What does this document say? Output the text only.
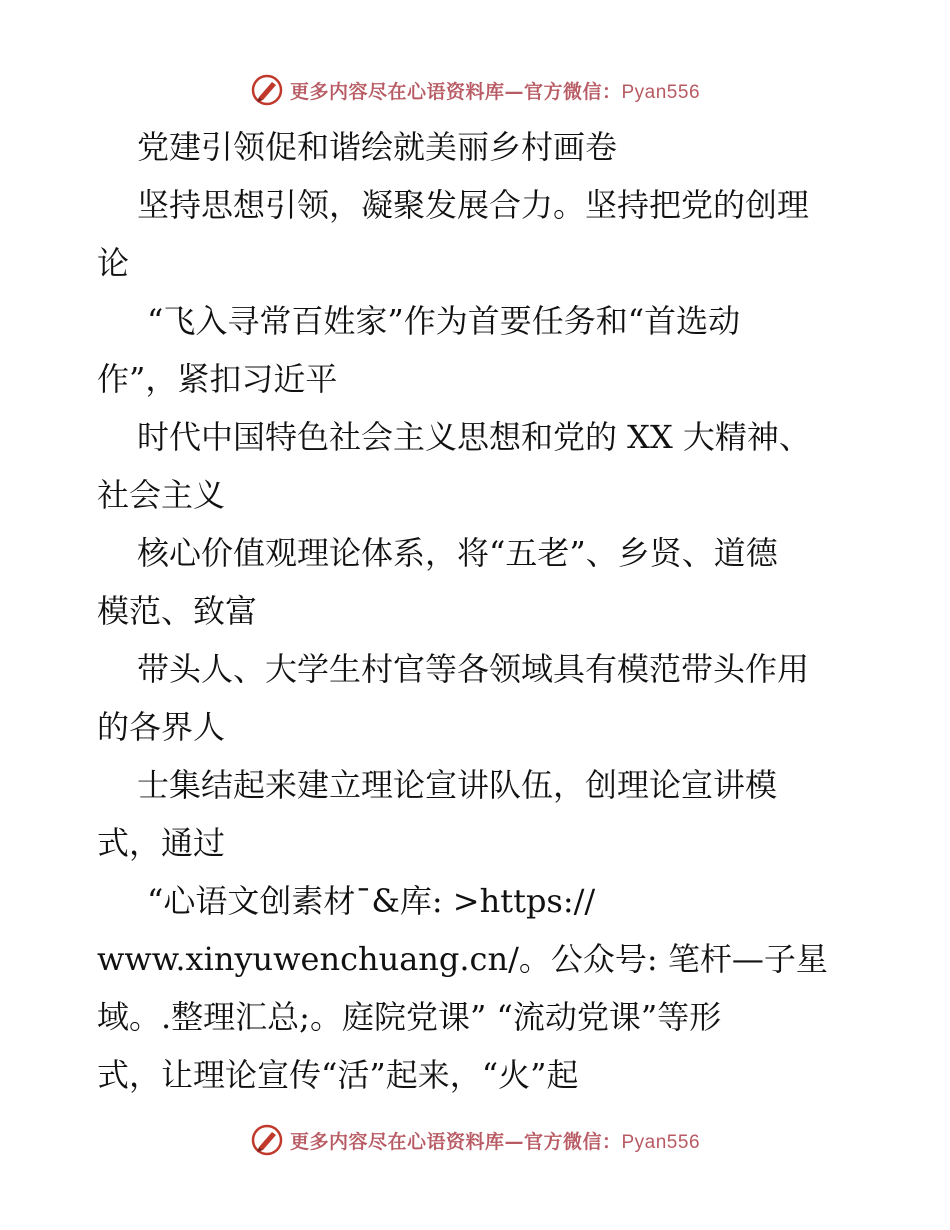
更多内容尽在心语资料库—官方微信：Pyan556
党建引领促和谐绘就美丽乡村画卷
坚持思想引领，凝聚发展合力。坚持把党的创理
论
“飞入寻常百姓家”作为首要任务和“首选动
作”，紧扣习近平
时代中国特色社会主义思想和党的 XX 大精神、
社会主义
核心价值观理论体系，将“五老”、乡贤、道德
模范、致富
带头人、大学生村官等各领域具有模范带头作用
的各界人
士集结起来建立理论宣讲队伍，创理论宣讲模
式，通过
“心语文创素材¯&库: >https://
www.xinyuwenchuang.cn/。公众号: 笔杆—子星
域。.整理汇总;。庭院党课” “流动党课”等形
式，让理论宣传“活”起来，“火”起
更多内容尽在心语资料库—官方微信：Pyan556
